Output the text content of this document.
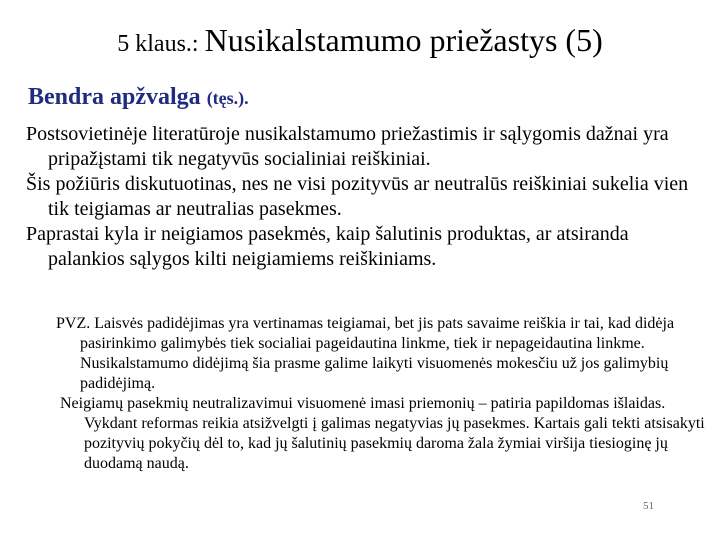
5 klaus.: Nusikalstamumo priežastys (5)
Bendra apžvalga (tęs.).

Postsovietinėje literatūroje nusikalstamumo priežastimis ir sąlygomis dažnai yra pripažįstami tik negatyvūs socialiniai reiškiniai.

Šis požiūris diskutuotinas, nes ne visi pozityvūs ar neutralūs reiškiniai sukelia vien tik teigiamas ar neutralias pasekmes.

Paprastai kyla ir neigiamos pasekmės, kaip šalutinis produktas, ar atsiranda palankios sąlygos kilti neigiamiems reiškiniams.

PVZ. Laisvės padidėjimas yra vertinamas teigiamai, bet jis pats savaime reiškia ir tai, kad didėja pasirinkimo galimybės tiek socialiai pageidautina linkme, tiek ir nepageidautina linkme. Nusikalstamumo didėjimą šia prasme galime laikyti visuomenės mokesčiu už jos galimybių padidėjimą.

Neigiamų pasekmių neutralizavimui visuomenė imasi priemonių – patiria papildomas išlaidas. Vykdant reformas reikia atsižvelgti į galimas negatyvias jų pasekmes. Kartais gali tekti atsisakyti pozityvių pokyčių dėl to, kad jų šalutinių pasekmių daroma žala žymiai viršija tiesioginę jų duodamą naudą.

51
